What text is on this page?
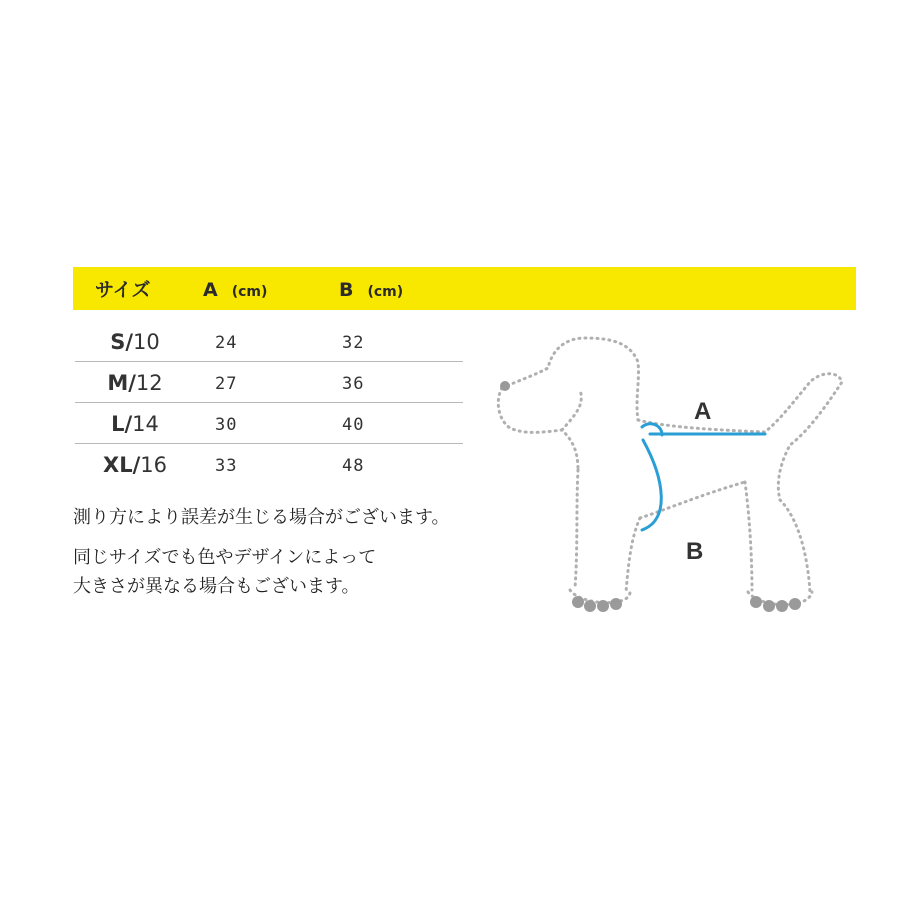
サイズ	A (cm)	B (cm)
S/10	24	32
M/12	27	36
L/14	30	40
XL/16	33	48
測り方により誤差が生じる場合がございます。
同じサイズでも色やデザインによって
大きさが異なる場合もございます。
A
B
